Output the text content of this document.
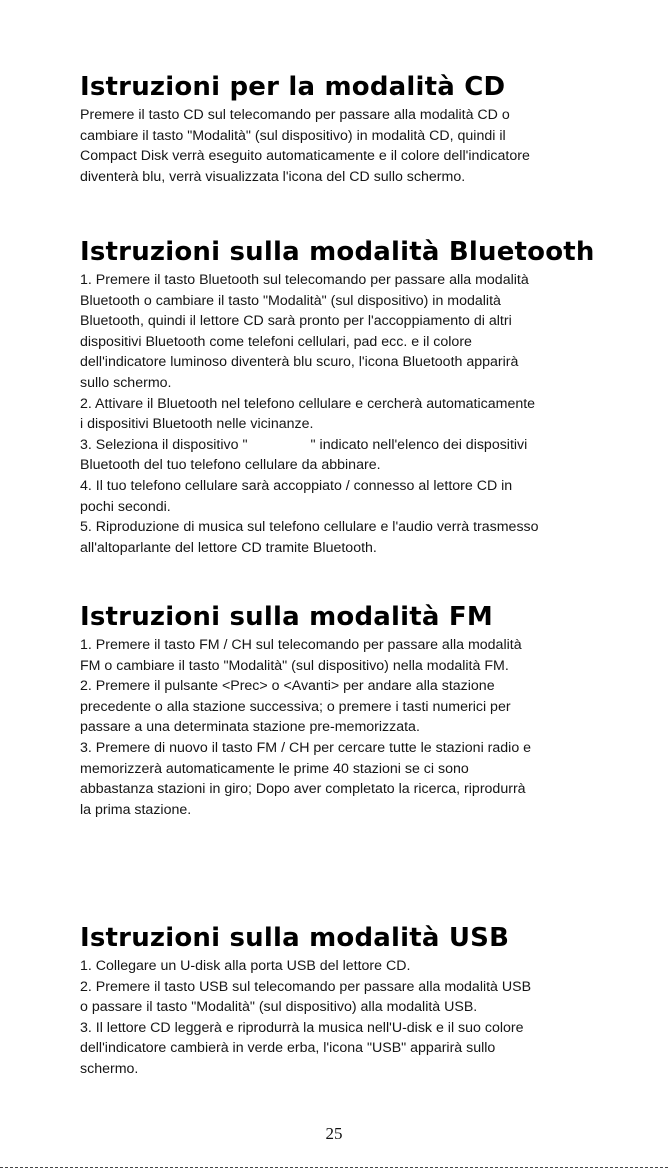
Istruzioni per la modalità CD

Premere il tasto CD sul telecomando per passare alla modalità CD o

cambiare il tasto "Modalità" (sul dispositivo) in modalità CD, quindi il

Compact Disk verrà eseguito automaticamente e il colore dell'indicatore

diventerà blu, verrà visualizzata l'icona del CD sullo schermo.

Istruzioni sulla modalità Bluetooth

1. Premere il tasto Bluetooth sul telecomando per passare alla modalità

Bluetooth o cambiare il tasto "Modalità" (sul dispositivo) in modalità

Bluetooth, quindi il lettore CD sarà pronto per l'accoppiamento di altri

dispositivi Bluetooth come telefoni cellulari, pad ecc. e il colore

dell'indicatore luminoso diventerà blu scuro, l'icona Bluetooth apparirà

sullo schermo.

2. Attivare il Bluetooth nel telefono cellulare e cercherà automaticamente

i dispositivi Bluetooth nelle vicinanze.

3. Seleziona il dispositivo "                " indicato nell'elenco dei dispositivi

Bluetooth del tuo telefono cellulare da abbinare.

4. Il tuo telefono cellulare sarà accoppiato / connesso al lettore CD in

pochi secondi.

5. Riproduzione di musica sul telefono cellulare e l'audio verrà trasmesso

all'altoparlante del lettore CD tramite Bluetooth.

Istruzioni sulla modalità FM

1. Premere il tasto FM / CH sul telecomando per passare alla modalità

FM o cambiare il tasto "Modalità" (sul dispositivo) nella modalità FM.

2. Premere il pulsante <Prec> o <Avanti> per andare alla stazione

precedente o alla stazione successiva; o premere i tasti numerici per

passare a una determinata stazione pre-memorizzata.

3. Premere di nuovo il tasto FM / CH per cercare tutte le stazioni radio e

memorizzerà automaticamente le prime 40 stazioni se ci sono

abbastanza stazioni in giro; Dopo aver completato la ricerca, riprodurrà

la prima stazione.

Istruzioni sulla modalità USB

1. Collegare un U-disk alla porta USB del lettore CD.

2. Premere il tasto USB sul telecomando per passare alla modalità USB

o passare il tasto "Modalità" (sul dispositivo) alla modalità USB.

3. Il lettore CD leggerà e riprodurrà la musica nell'U-disk e il suo colore

dell'indicatore cambierà in verde erba, l'icona "USB" apparirà sullo

schermo.

25
